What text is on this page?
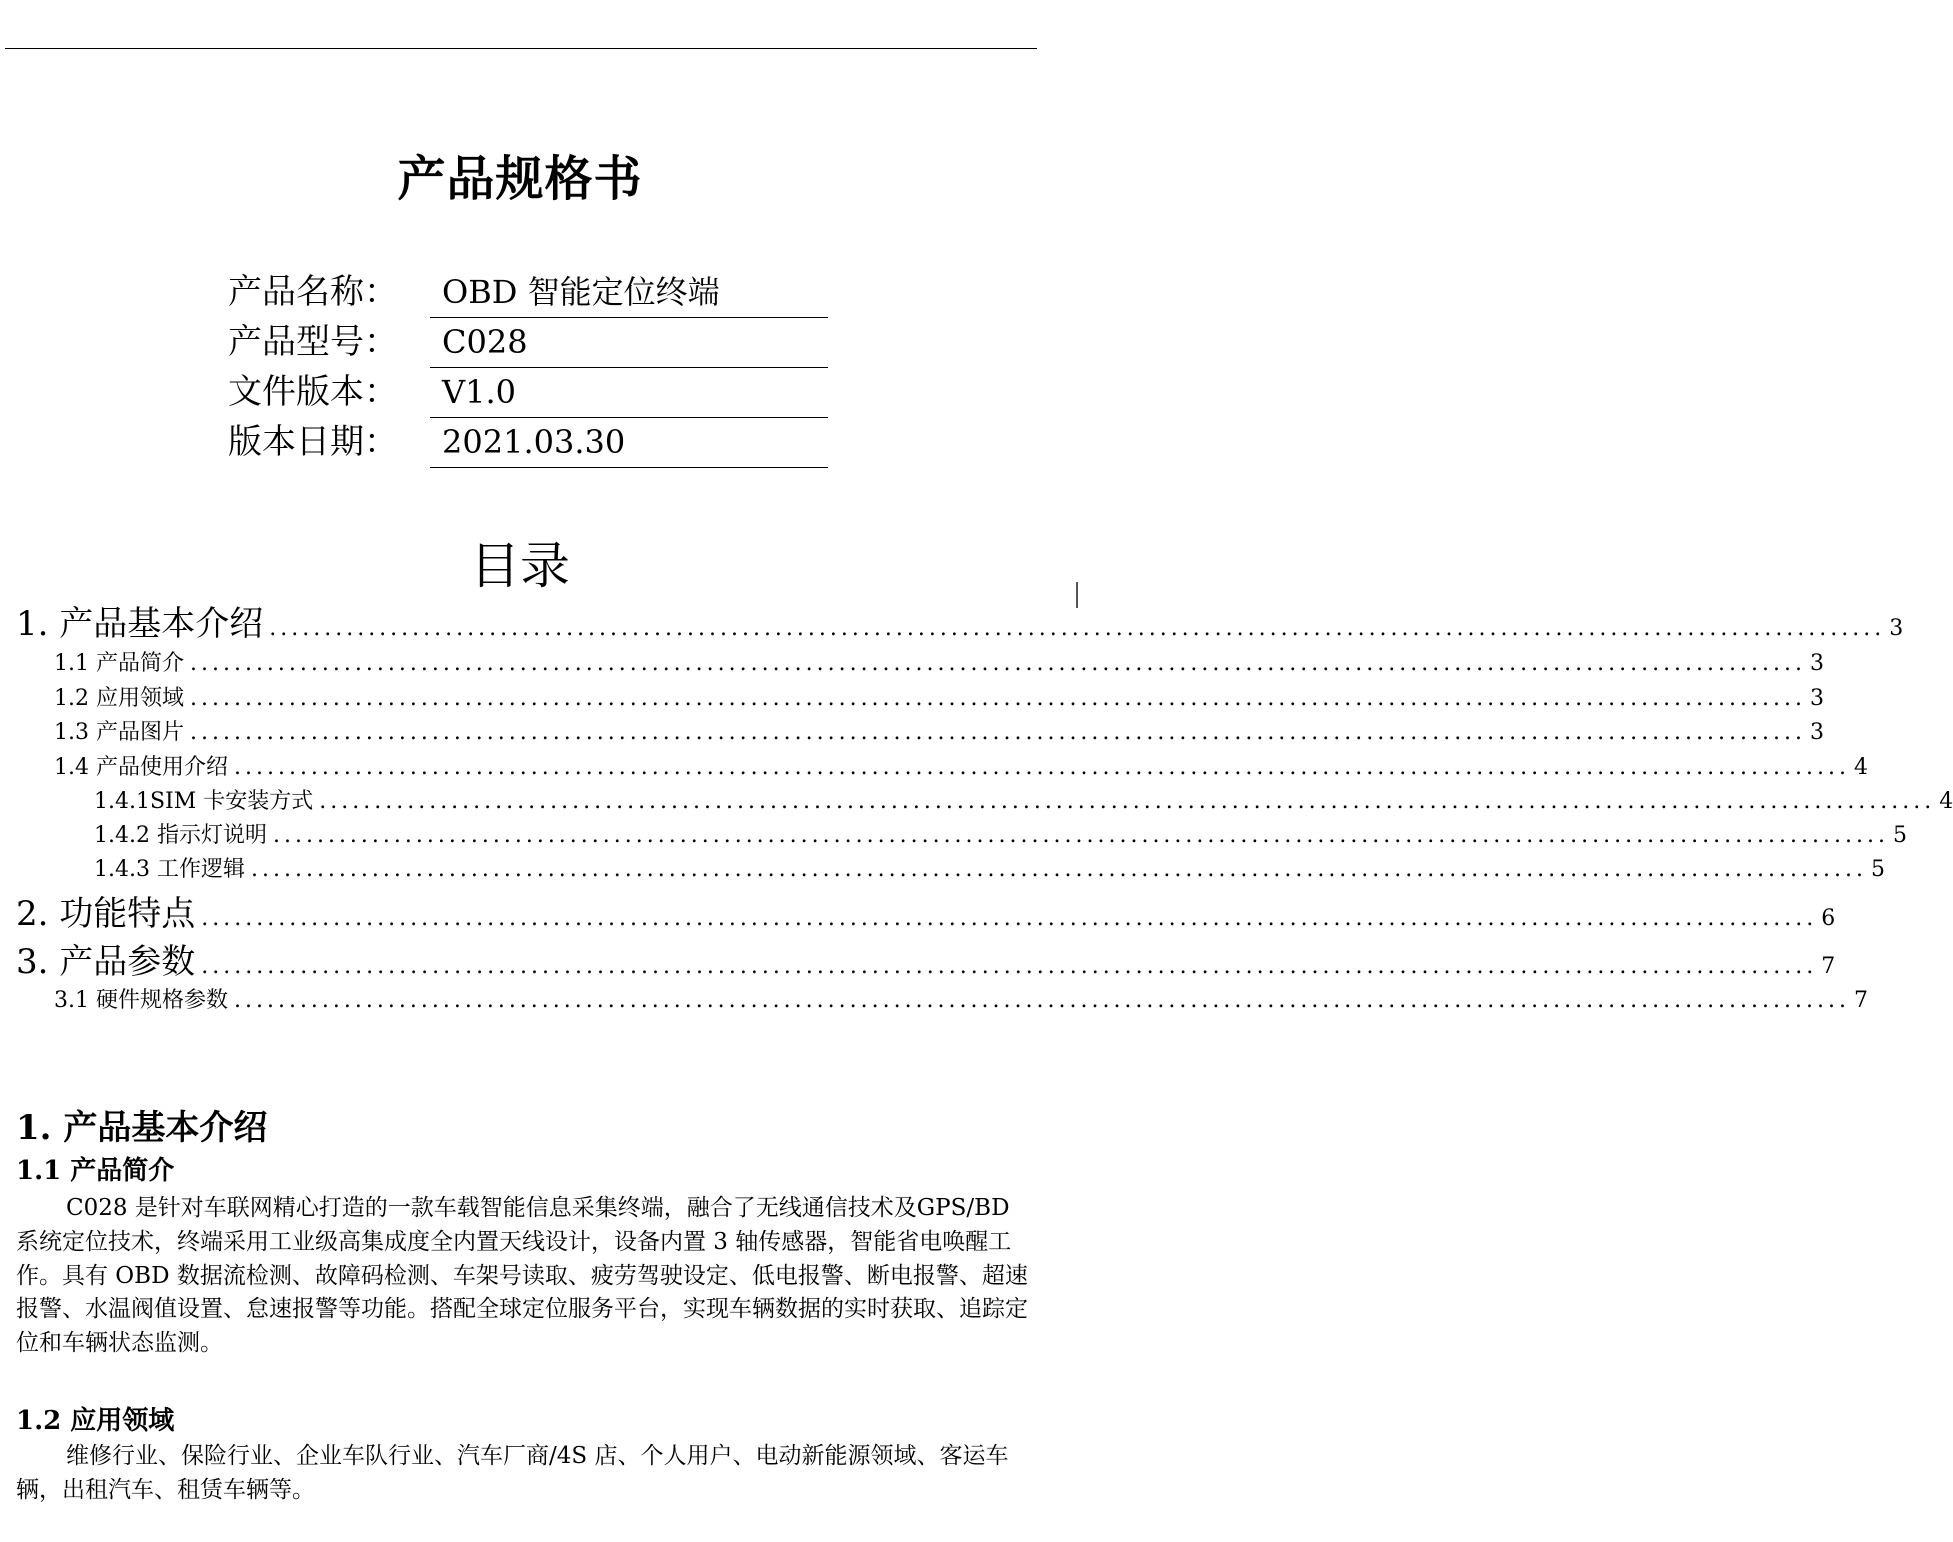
产品规格书
产品名称： OBD 智能定位终端
产品型号： C028
文件版本： V1.0
版本日期： 2021.03.30
目录
1. 产品基本介绍 ................................................................................................................................................... 3
1.1 产品简介 ................................................................................................................................................... 3
1.2 应用领域 ................................................................................................................................................... 3
1.3 产品图片 ................................................................................................................................................... 3
1.4 产品使用介绍 ................................................................................................................................................... 4
1.4.1SIM 卡安装方式 ................................................................................................................................................... 4
1.4.2 指示灯说明 ................................................................................................................................................... 5
1.4.3 工作逻辑 ................................................................................................................................................... 5
2. 功能特点 ................................................................................................................................................... 6
3. 产品参数 ................................................................................................................................................... 7
3.1 硬件规格参数 ................................................................................................................................................... 7
1. 产品基本介绍
1.1 产品简介

C028 是针对车联网精心打造的一款车载智能信息采集终端，融合了无线通信技术及GPS/BD 系统定位技术，终端采用工业级高集成度全内置天线设计，设备内置 3 轴传感器，智能省电唤醒工作。具有 OBD 数据流检测、故障码检测、车架号读取、疲劳驾驶设定、低电报警、断电报警、超速报警、水温阀值设置、怠速报警等功能。搭配全球定位服务平台，实现车辆数据的实时获取、追踪定位和车辆状态监测。

1.2 应用领域

维修行业、保险行业、企业车队行业、汽车厂商/4S 店、个人用户、电动新能源领域、客运车辆，出租汽车、租赁车辆等。
